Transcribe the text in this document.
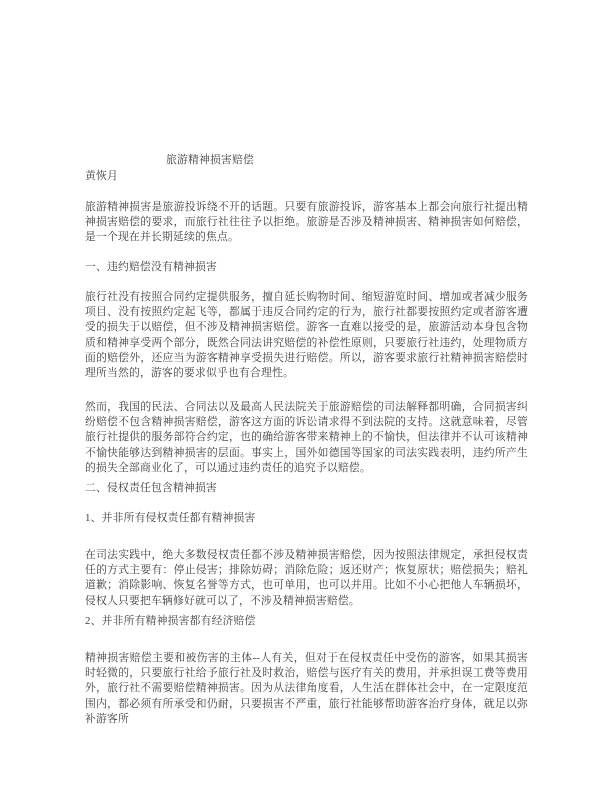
旅游精神损害赔偿
黄恢月
旅游精神损害是旅游投诉绕不开的话题。只要有旅游投诉，游客基本上都会向旅行社提出精神损害赔偿的要求，而旅行社往往予以拒绝。旅游是否涉及精神损害、精神损害如何赔偿，是一个现在并长期延续的焦点。
一、违约赔偿没有精神损害
旅行社没有按照合同约定提供服务，擅自延长购物时间、缩短游览时间、增加或者减少服务项目、没有按照约定起飞等，都属于违反合同约定的行为，旅行社都要按照约定或者游客遭受的损失于以赔偿，但不涉及精神损害赔偿。游客一直难以接受的是，旅游活动本身包含物质和精神享受两个部分，既然合同法讲究赔偿的补偿性原则，只要旅行社违约，处理物质方面的赔偿外，还应当为游客精神享受损失进行赔偿。所以，游客要求旅行社精神损害赔偿时理所当然的，游客的要求似乎也有合理性。
然而，我国的民法、合同法以及最高人民法院关于旅游赔偿的司法解释都明确，合同损害纠纷赔偿不包含精神损害赔偿，游客这方面的诉讼请求得不到法院的支持。这就意味着，尽管旅行社提供的服务部符合约定，也的确给游客带来精神上的不愉快，但法律并不认可该精神不愉快能够达到精神损害的层面。事实上，国外如德国等国家的司法实践表明，违约所产生的损失全部商业化了，可以通过违约责任的追究予以赔偿。
二、侵权责任包含精神损害
1、并非所有侵权责任都有精神损害
在司法实践中，绝大多数侵权责任都不涉及精神损害赔偿，因为按照法律规定，承担侵权责任的方式主要有：停止侵害；排除妨碍；消除危险；返还财产；恢复原状；赔偿损失；赔礼道歉；消除影响、恢复名誉等方式，也可单用，也可以并用。比如不小心把他人车辆损坏，侵权人只要把车辆修好就可以了，不涉及精神损害赔偿。
2、并非所有精神损害都有经济赔偿
精神损害赔偿主要和被伤害的主体--人有关，但对于在侵权责任中受伤的游客，如果其损害时轻微的，只要旅行社给予旅行社及时救治，赔偿与医疗有关的费用，并承担误工费等费用外，旅行社不需要赔偿精神损害。因为从法律角度看，人生活在群体社会中，在一定限度范围内，都必须有所承受和仍耐，只要损害不严重，旅行社能够帮助游客治疗身体，就足以弥补游客所
